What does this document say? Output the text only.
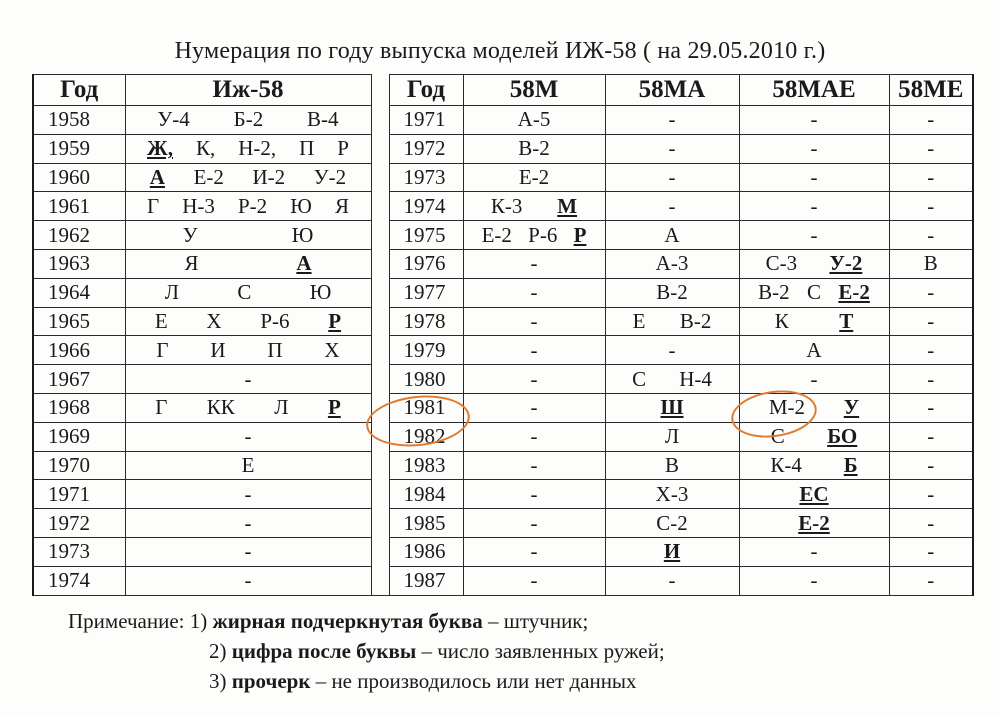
Нумерация по году выпуска моделей ИЖ-58 ( на 29.05.2010 г.)
Год	Иж-58		Год	58М	58МА	58МАЕ	58МЕ
1958	У-4 Б-2 В-4		1971	А-5	-	-	-

1959	Ж, К, Н-2, П Р		1972	В-2	-	-	-

1960	А Е-2 И-2 У-2		1973	Е-2	-	-	-

1961	Г Н-3 Р-2 Ю Я		1974	К-3 М	-	-	-

1962	У Ю		1975	Е-2 Р-6 Р	А	-	-

1963	Я А		1976	-	А-3	С-3 У-2	В

1964	Л С Ю		1977	-	В-2	В-2 С Е-2	-

1965	Е Х Р-6 Р		1978	-	Е В-2	К Т	-

1966	Г И П Х		1979	-	-	А	-

1967	-		1980	-	С Н-4	-	-

1968	Г КК Л Р		1981	-	Ш	М-2 У	-

1969	-		1982	-	Л	С БО	-

1970	Е		1983	-	В	К-4 Б	-

1971	-		1984	-	Х-3	ЕС	-

1972	-		1985	-	С-2	Е-2	-

1973	-		1986	-	И	-	-

1974	-		1987	-	-	-	-
Примечание: 1) жирная подчеркнутая буква – штучник;
2) цифра после буквы – число заявленных ружей;
3) прочерк – не производилось или нет данных
